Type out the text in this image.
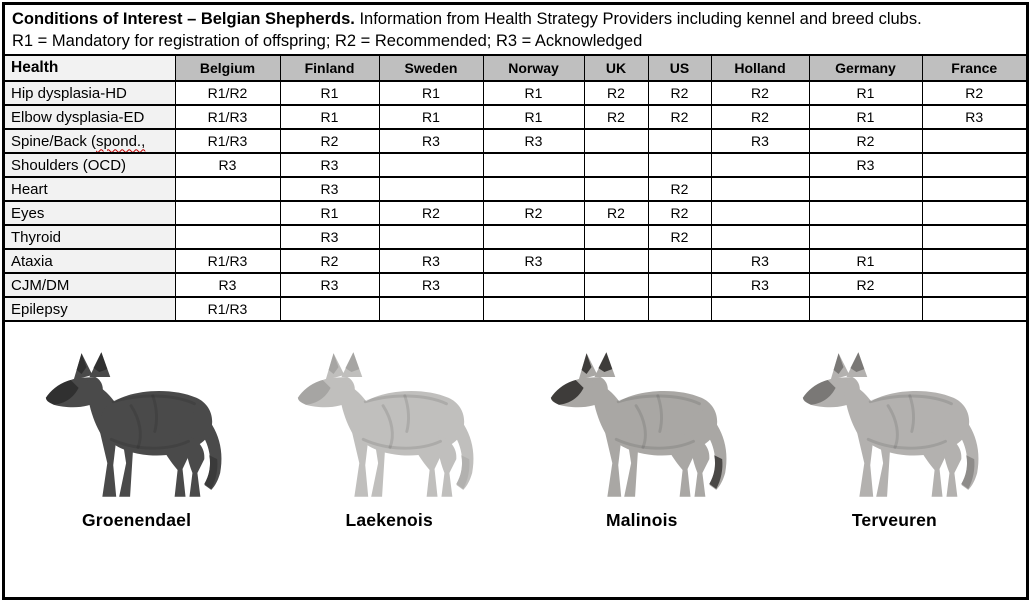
Conditions of Interest – Belgian Shepherds. Information from Health Strategy Providers including kennel and breed clubs.
R1 = Mandatory for registration of offspring; R2 = Recommended; R3 = Acknowledged
Health	Belgium	Finland	Sweden	Norway	UK	US	Holland	Germany	France
Hip dysplasia-HD	R1/R2	R1	R1	R1	R2	R2	R2	R1	R2
Elbow dysplasia-ED	R1/R3	R1	R1	R1	R2	R2	R2	R1	R3
Spine/Back (spond.,	R1/R3	R2	R3	R3			R3	R2	
Shoulders (OCD)	R3	R3						R3	
Heart		R3				R2			
Eyes		R1	R2	R2	R2	R2			
Thyroid		R3				R2			
Ataxia	R1/R3	R2	R3	R3			R3	R1	
CJM/DM	R3	R3	R3				R3	R2	
Epilepsy	R1/R3								
Groenendael	Laekenois	Malinois	Terveuren
